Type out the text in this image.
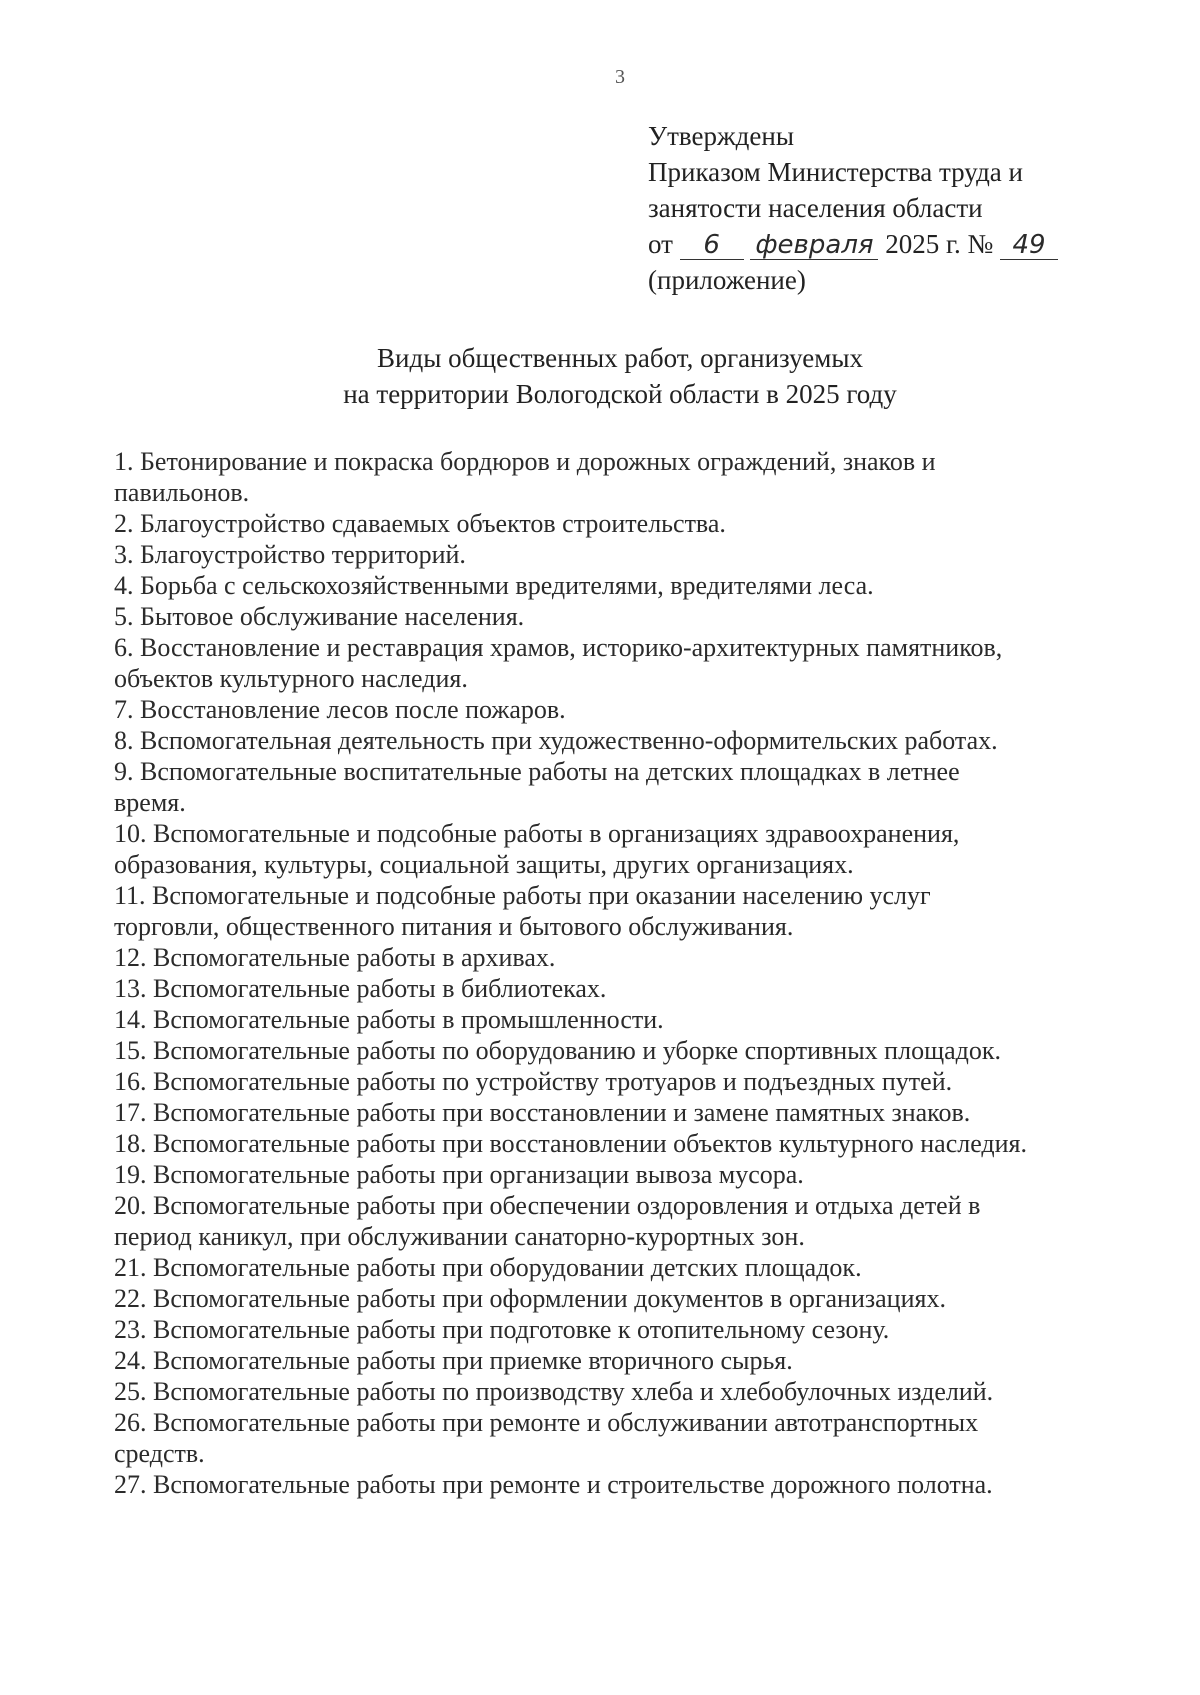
3
Утверждены
Приказом Министерства труда и
занятости населения области
от 6 февраля 2025 г. № 49
(приложение)
Виды общественных работ, организуемых
на территории Вологодской области в 2025 году
1. Бетонирование и покраска бордюров и дорожных ограждений, знаков и
павильонов.
2. Благоустройство сдаваемых объектов строительства.
3. Благоустройство территорий.
4. Борьба с сельскохозяйственными вредителями, вредителями леса.
5. Бытовое обслуживание населения.
6. Восстановление и реставрация храмов, историко-архитектурных памятников,
объектов культурного наследия.
7. Восстановление лесов после пожаров.
8. Вспомогательная деятельность при художественно-оформительских работах.
9. Вспомогательные воспитательные работы на детских площадках в летнее
время.
10. Вспомогательные и подсобные работы в организациях здравоохранения,
образования, культуры, социальной защиты, других организациях.
11. Вспомогательные и подсобные работы при оказании населению услуг
торговли, общественного питания и бытового обслуживания.
12. Вспомогательные работы в архивах.
13. Вспомогательные работы в библиотеках.
14. Вспомогательные работы в промышленности.
15. Вспомогательные работы по оборудованию и уборке спортивных площадок.
16. Вспомогательные работы по устройству тротуаров и подъездных путей.
17. Вспомогательные работы при восстановлении и замене памятных знаков.
18. Вспомогательные работы при восстановлении объектов культурного наследия.
19. Вспомогательные работы при организации вывоза мусора.
20. Вспомогательные работы при обеспечении оздоровления и отдыха детей в
период каникул, при обслуживании санаторно-курортных зон.
21. Вспомогательные работы при оборудовании детских площадок.
22. Вспомогательные работы при оформлении документов в организациях.
23. Вспомогательные работы при подготовке к отопительному сезону.
24. Вспомогательные работы при приемке вторичного сырья.
25. Вспомогательные работы по производству хлеба и хлебобулочных изделий.
26. Вспомогательные работы при ремонте и обслуживании автотранспортных
средств.
27. Вспомогательные работы при ремонте и строительстве дорожного полотна.
